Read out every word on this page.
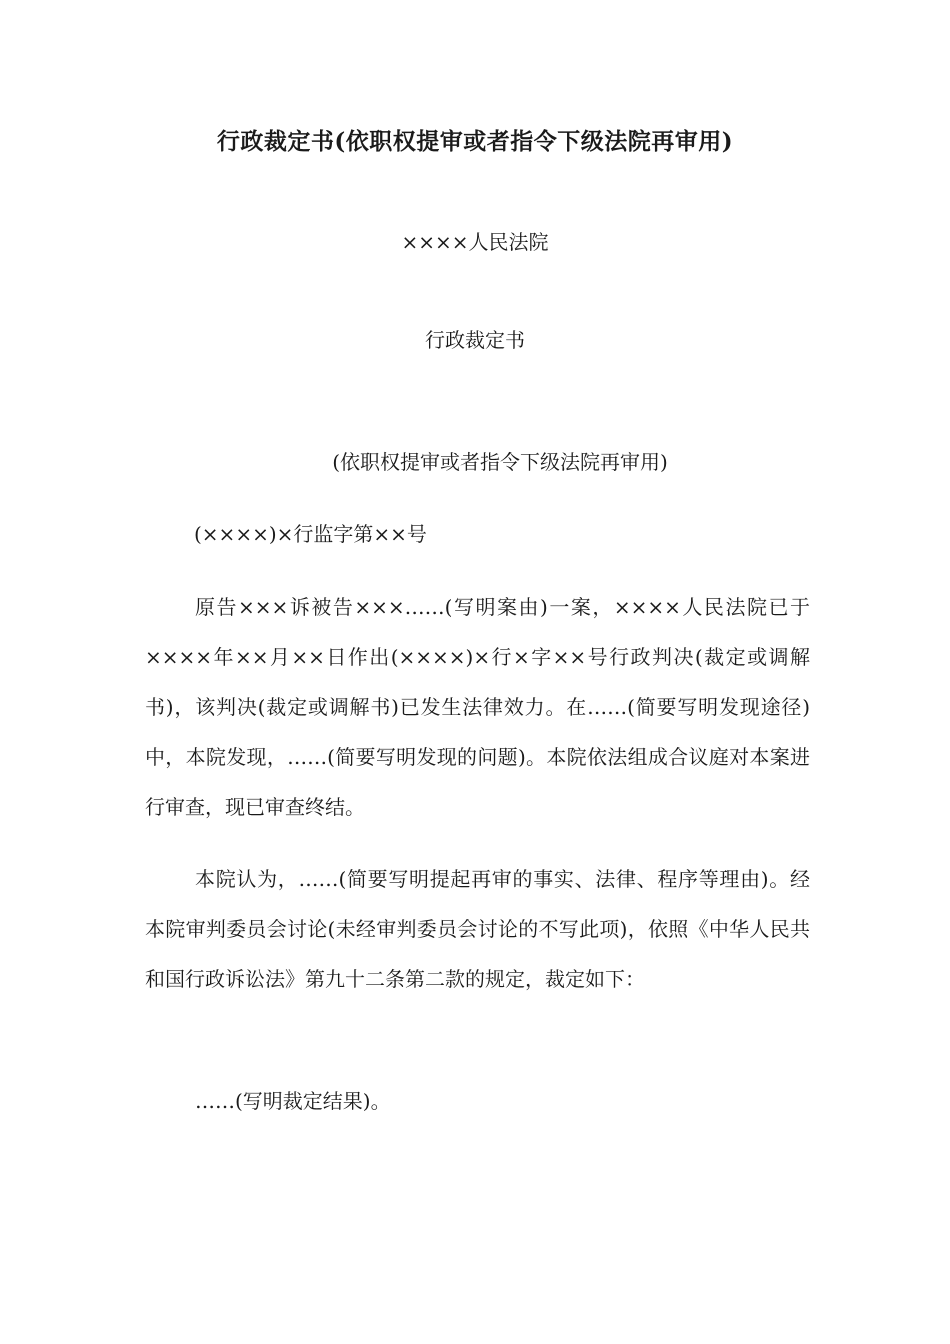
行政裁定书(依职权提审或者指令下级法院再审用)
××××人民法院
行政裁定书
(依职权提审或者指令下级法院再审用)
(××××)×行监字第××号
原告×××诉被告×××……(写明案由)一案，××××人民法院已于××××年××月××日作出(××××)×行×字××号行政判决(裁定或调解书)，该判决(裁定或调解书)已发生法律效力。在……(简要写明发现途径)中，本院发现，……(简要写明发现的问题)。本院依法组成合议庭对本案进行审查，现已审查终结。
本院认为，……(简要写明提起再审的事实、法律、程序等理由)。经本院审判委员会讨论(未经审判委员会讨论的不写此项)，依照《中华人民共和国行政诉讼法》第九十二条第二款的规定，裁定如下：
……(写明裁定结果)。
